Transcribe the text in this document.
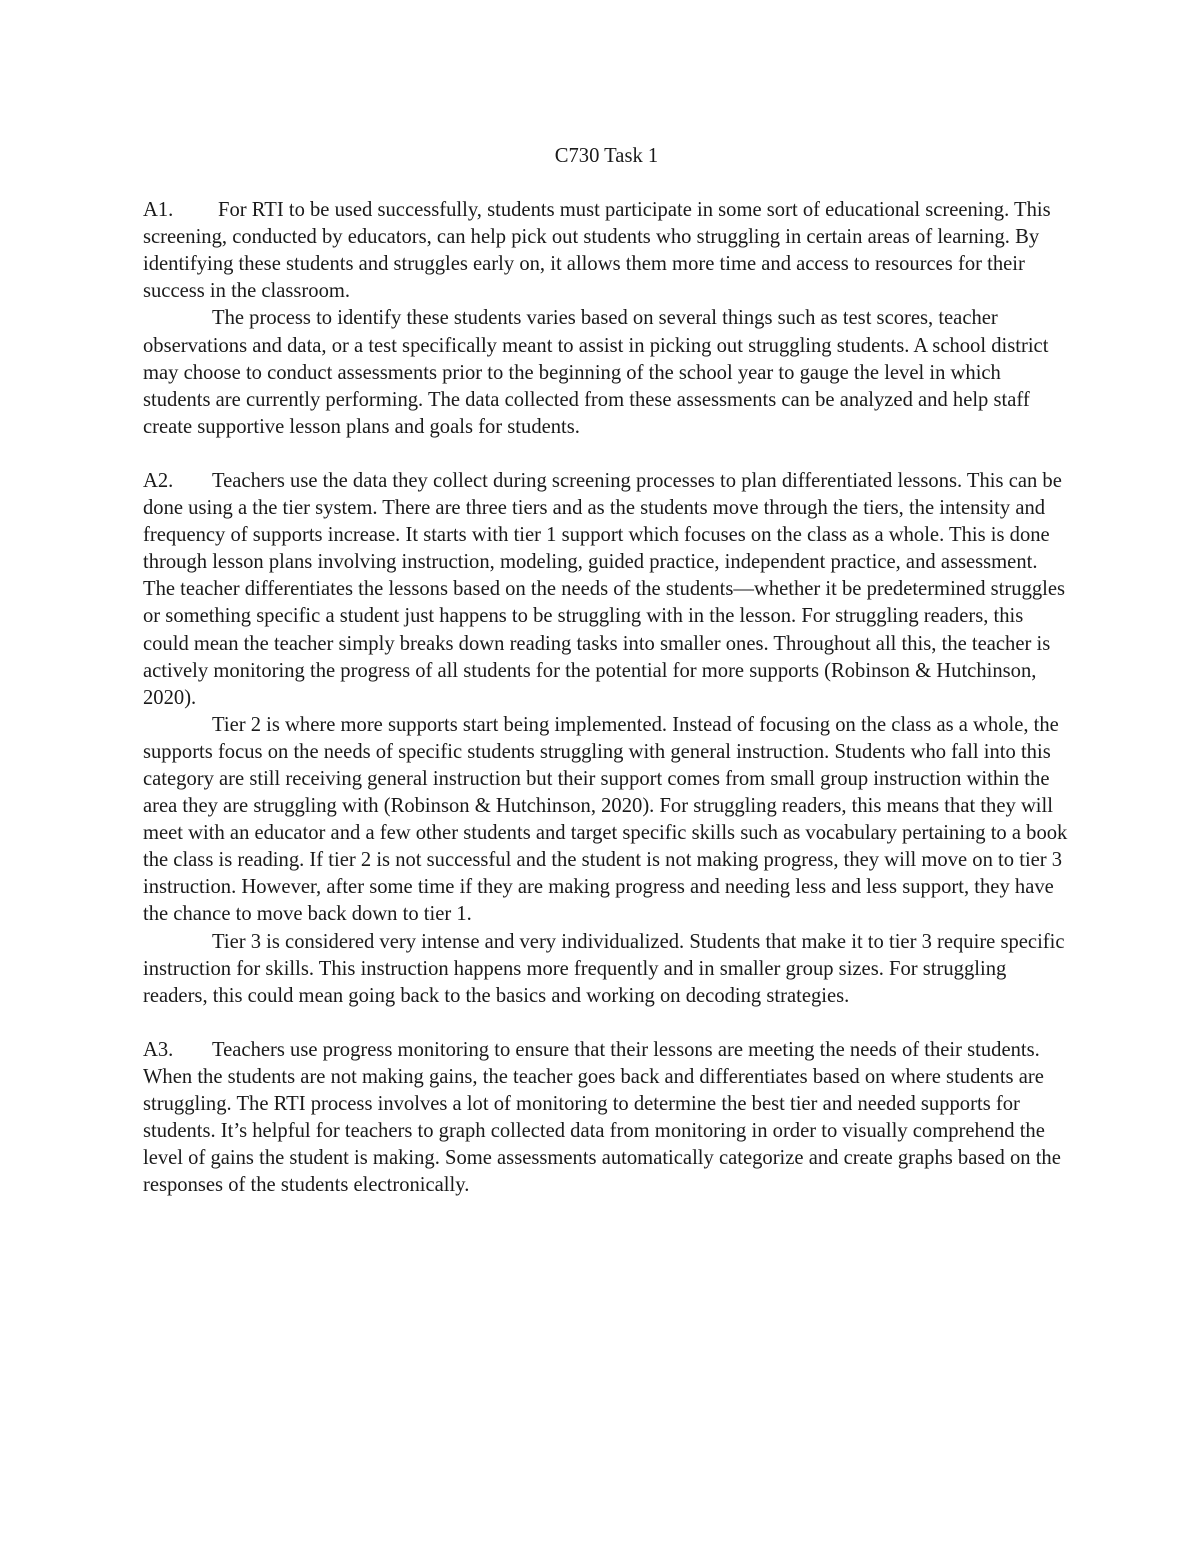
C730 Task 1

A1. For RTI to be used successfully, students must participate in some sort of educational screening. This screening, conducted by educators, can help pick out students who struggling in certain areas of learning. By identifying these students and struggles early on, it allows them more time and access to resources for their success in the classroom.

The process to identify these students varies based on several things such as test scores, teacher observations and data, or a test specifically meant to assist in picking out struggling students. A school district may choose to conduct assessments prior to the beginning of the school year to gauge the level in which students are currently performing. The data collected from these assessments can be analyzed and help staff create supportive lesson plans and goals for students.

A2. Teachers use the data they collect during screening processes to plan differentiated lessons. This can be done using a the tier system. There are three tiers and as the students move through the tiers, the intensity and frequency of supports increase. It starts with tier 1 support which focuses on the class as a whole. This is done through lesson plans involving instruction, modeling, guided practice, independent practice, and assessment. The teacher differentiates the lessons based on the needs of the students—whether it be predetermined struggles or something specific a student just happens to be struggling with in the lesson. For struggling readers, this could mean the teacher simply breaks down reading tasks into smaller ones. Throughout all this, the teacher is actively monitoring the progress of all students for the potential for more supports (Robinson & Hutchinson, 2020).

Tier 2 is where more supports start being implemented. Instead of focusing on the class as a whole, the supports focus on the needs of specific students struggling with general instruction. Students who fall into this category are still receiving general instruction but their support comes from small group instruction within the area they are struggling with (Robinson & Hutchinson, 2020). For struggling readers, this means that they will meet with an educator and a few other students and target specific skills such as vocabulary pertaining to a book the class is reading. If tier 2 is not successful and the student is not making progress, they will move on to tier 3 instruction. However, after some time if they are making progress and needing less and less support, they have the chance to move back down to tier 1.

Tier 3 is considered very intense and very individualized. Students that make it to tier 3 require specific instruction for skills. This instruction happens more frequently and in smaller group sizes. For struggling readers, this could mean going back to the basics and working on decoding strategies.

A3. Teachers use progress monitoring to ensure that their lessons are meeting the needs of their students. When the students are not making gains, the teacher goes back and differentiates based on where students are struggling. The RTI process involves a lot of monitoring to determine the best tier and needed supports for students. It’s helpful for teachers to graph collected data from monitoring in order to visually comprehend the level of gains the student is making. Some assessments automatically categorize and create graphs based on the responses of the students electronically.
